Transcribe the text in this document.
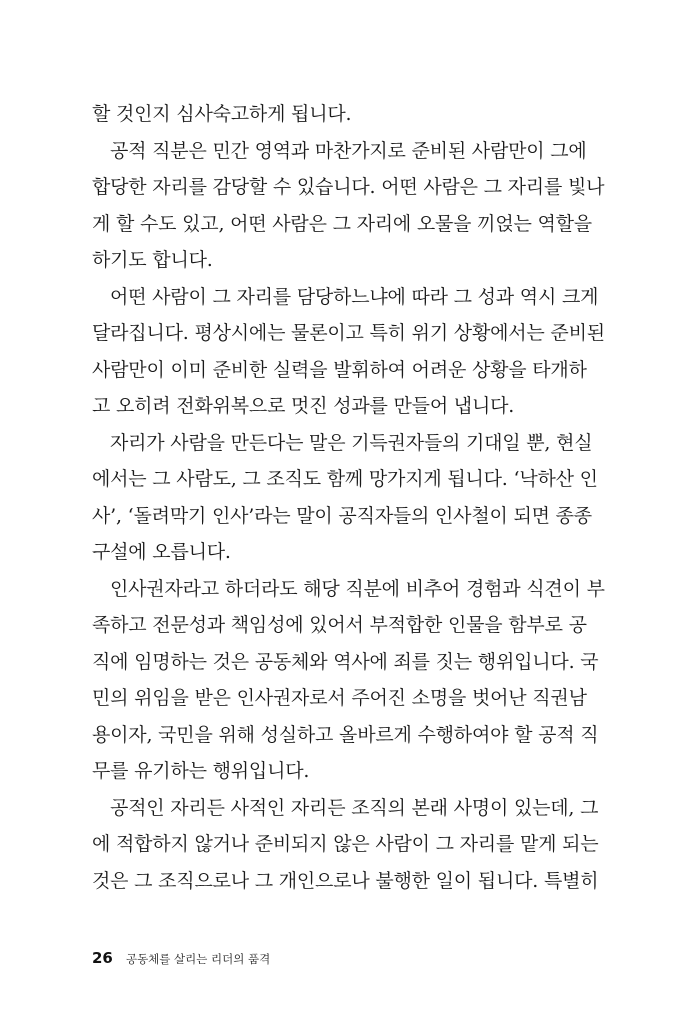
할 것인지 심사숙고하게 됩니다.
공적 직분은 민간 영역과 마찬가지로 준비된 사람만이 그에
합당한 자리를 감당할 수 있습니다. 어떤 사람은 그 자리를 빛나
게 할 수도 있고, 어떤 사람은 그 자리에 오물을 끼얹는 역할을
하기도 합니다.
어떤 사람이 그 자리를 담당하느냐에 따라 그 성과 역시 크게
달라집니다. 평상시에는 물론이고 특히 위기 상황에서는 준비된
사람만이 이미 준비한 실력을 발휘하여 어려운 상황을 타개하
고 오히려 전화위복으로 멋진 성과를 만들어 냅니다.
자리가 사람을 만든다는 말은 기득권자들의 기대일 뿐, 현실
에서는 그 사람도, 그 조직도 함께 망가지게 됩니다. ‘낙하산 인
사’, ‘돌려막기 인사’라는 말이 공직자들의 인사철이 되면 종종
구설에 오릅니다.
인사권자라고 하더라도 해당 직분에 비추어 경험과 식견이 부
족하고 전문성과 책임성에 있어서 부적합한 인물을 함부로 공
직에 임명하는 것은 공동체와 역사에 죄를 짓는 행위입니다. 국
민의 위임을 받은 인사권자로서 주어진 소명을 벗어난 직권남
용이자, 국민을 위해 성실하고 올바르게 수행하여야 할 공적 직
무를 유기하는 행위입니다.
공적인 자리든 사적인 자리든 조직의 본래 사명이 있는데, 그
에 적합하지 않거나 준비되지 않은 사람이 그 자리를 맡게 되는
것은 그 조직으로나 그 개인으로나 불행한 일이 됩니다. 특별히
26 공동체를 살리는 리더의 품격
